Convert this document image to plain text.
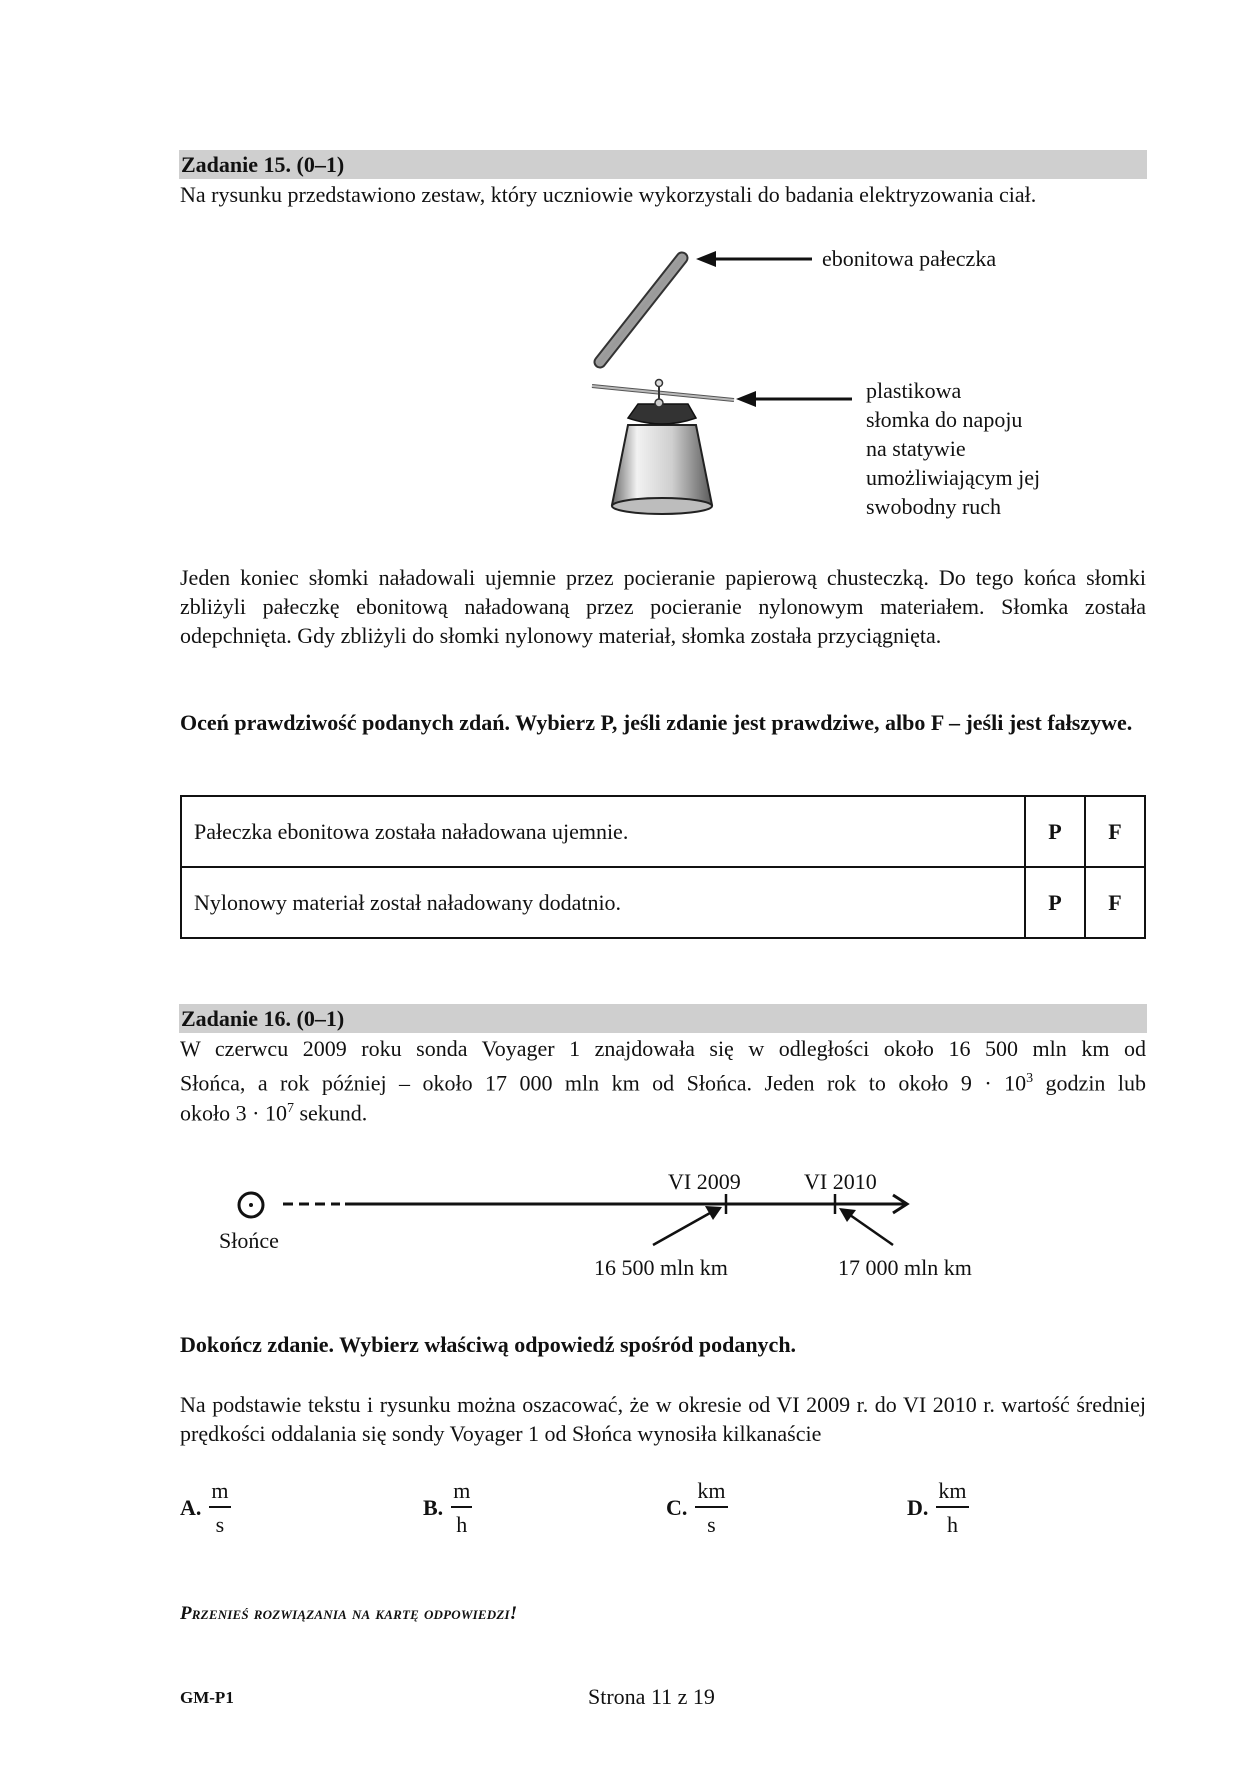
Zadanie 15. (0–1)
Na rysunku przedstawiono zestaw, który uczniowie wykorzystali do badania elektryzowania ciał.
ebonitowa pałeczka
plastikowa
słomka do napoju
na statywie
umożliwiającym jej
swobodny ruch
Jeden koniec słomki naładowali ujemnie przez pocieranie papierową chusteczką. Do tego końca słomki zbliżyli pałeczkę ebonitową naładowaną przez pocieranie nylonowym materiałem. Słomka została odepchnięta. Gdy zbliżyli do słomki nylonowy materiał, słomka została przyciągnięta.
Oceń prawdziwość podanych zdań. Wybierz P, jeśli zdanie jest prawdziwe, albo F – jeśli jest fałszywe.
Pałeczka ebonitowa została naładowana ujemnie.	P	F
Nylonowy materiał został naładowany dodatnio.	P	F
Zadanie 16. (0–1)
W czerwcu 2009 roku sonda Voyager 1 znajdowała się w odległości około 16 500 mln km od
Słońca, a rok później – około 17 000 mln km od Słońca. Jeden rok to około $9 \cdot 10^3$ godzin lub
około $3 \cdot 10^7$ sekund.
Słońce
VI 2009	VI 2010
16 500 mln km	17 000 mln km
Dokończ zdanie. Wybierz właściwą odpowiedź spośród podanych.
Na podstawie tekstu i rysunku można oszacować, że w okresie od VI 2009 r. do VI 2010 r. wartość średniej prędkości oddalania się sondy Voyager 1 od Słońca wynosiła kilkanaście
A. $\frac{m}{s}$	B. $\frac{m}{h}$	C. $\frac{km}{s}$	D. $\frac{km}{h}$
Przenieś rozwiązania na kartę odpowiedzi!
GM-P1	Strona 11 z 19
